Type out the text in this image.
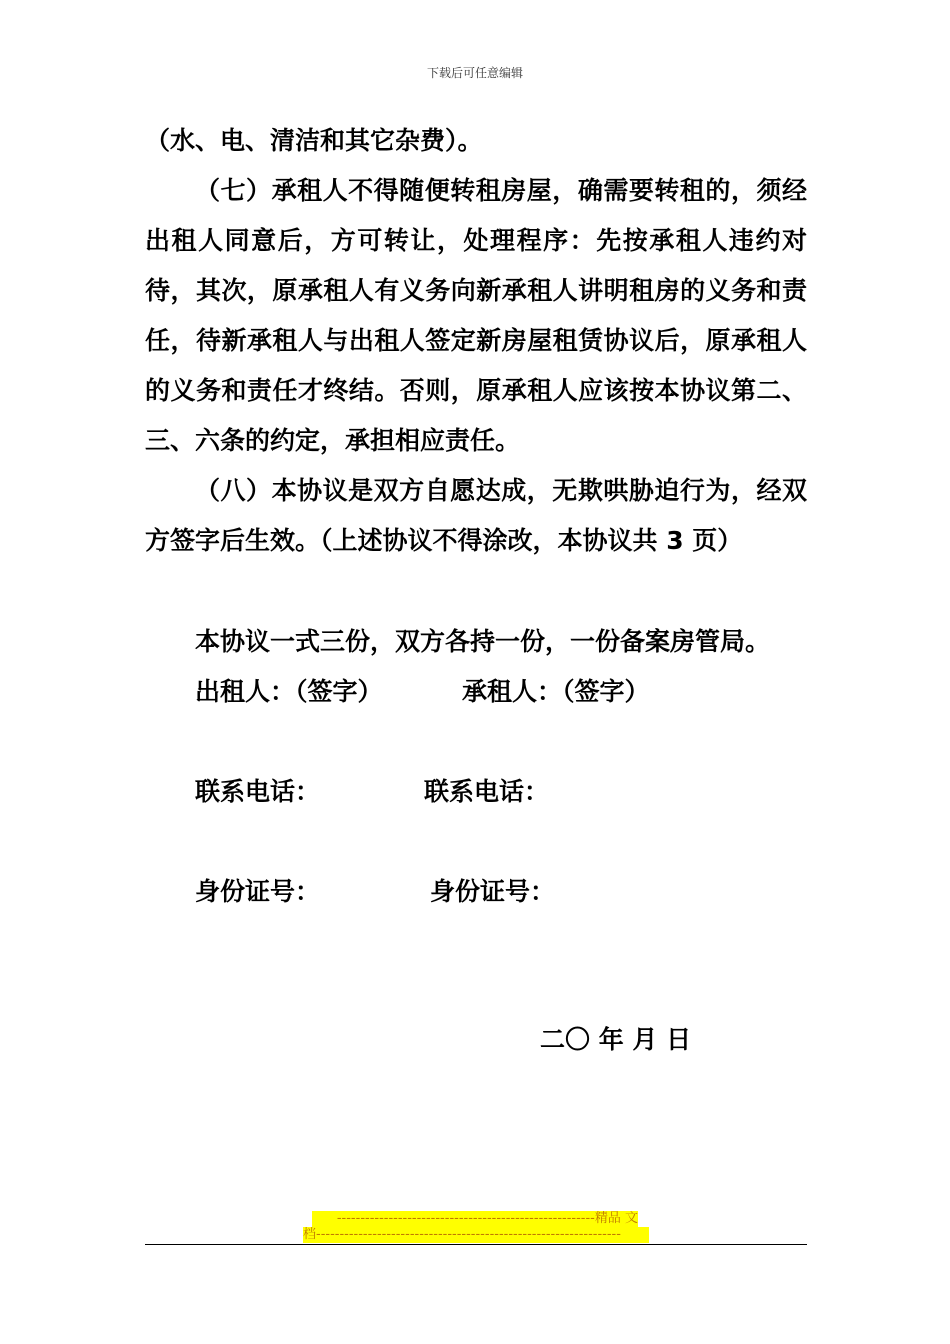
下载后可任意编辑
（水、电、清洁和其它杂费）。
（七）承租人不得随便转租房屋，确需要转租的，须经出租人同意后，方可转让，处理程序：先按承租人违约对待，其次，原承租人有义务向新承租人讲明租房的义务和责任，待新承租人与出租人签定新房屋租赁协议后，原承租人的义务和责任才终结。否则，原承租人应该按本协议第二、三、六条的约定，承担相应责任。
（八）本协议是双方自愿达成，无欺哄胁迫行为，经双方签字后生效。（上述协议不得涂改，本协议共 3 页）
本协议一式三份，双方各持一份，一份备案房管局。
出租人：（签字）	承租人：（签字）
联系电话：	联系电话：
身份证号：	身份证号：
二〇 年 月 日
-------------------------------------------------------精品 文
档-----------------------------------------------------------------
